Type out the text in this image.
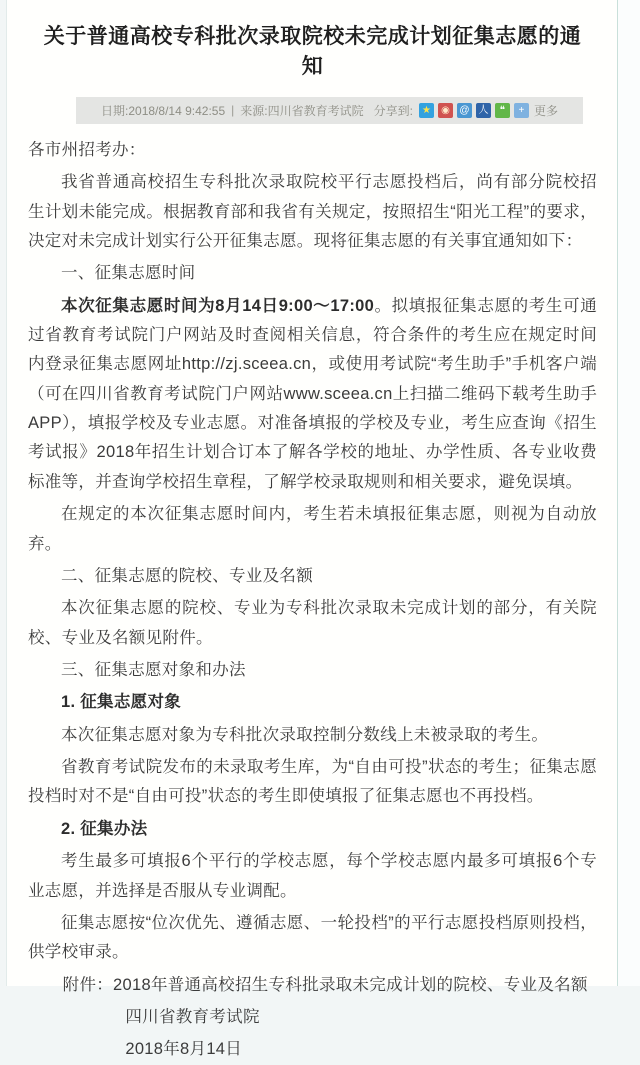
关于普通高校专科批次录取院校未完成计划征集志愿的通知
日期:2018/8/14 9:42:55 | 来源:四川省教育考试院 分享到: ★ ◉ @ 人 ❝ + 更多

各市州招考办：

我省普通高校招生专科批次录取院校平行志愿投档后，尚有部分院校招生计划未能完成。根据教育部和我省有关规定，按照招生“阳光工程”的要求，决定对未完成计划实行公开征集志愿。现将征集志愿的有关事宜通知如下：

一、征集志愿时间

本次征集志愿时间为8月14日9:00～17:00。拟填报征集志愿的考生可通过省教育考试院门户网站及时查阅相关信息，符合条件的考生应在规定时间内登录征集志愿网址http://zj.sceea.cn，或使用考试院“考生助手”手机客户端（可在四川省教育考试院门户网站www.sceea.cn上扫描二维码下载考生助手APP），填报学校及专业志愿。对准备填报的学校及专业，考生应查询《招生考试报》2018年招生计划合订本了解各学校的地址、办学性质、各专业收费标准等，并查询学校招生章程，了解学校录取规则和相关要求，避免误填。

在规定的本次征集志愿时间内，考生若未填报征集志愿，则视为自动放弃。

二、征集志愿的院校、专业及名额

本次征集志愿的院校、专业为专科批次录取未完成计划的部分，有关院校、专业及名额见附件。

三、征集志愿对象和办法

1. 征集志愿对象

本次征集志愿对象为专科批次录取控制分数线上未被录取的考生。

省教育考试院发布的未录取考生库，为“自由可投”状态的考生；征集志愿投档时对不是“自由可投”状态的考生即使填报了征集志愿也不再投档。

2. 征集办法

考生最多可填报6个平行的学校志愿，每个学校志愿内最多可填报6个专业志愿，并选择是否服从专业调配。

征集志愿按“位次优先、遵循志愿、一轮投档”的平行志愿投档原则投档，供学校审录。

附件：2018年普通高校招生专科批录取未完成计划的院校、专业及名额

四川省教育考试院

2018年8月14日
